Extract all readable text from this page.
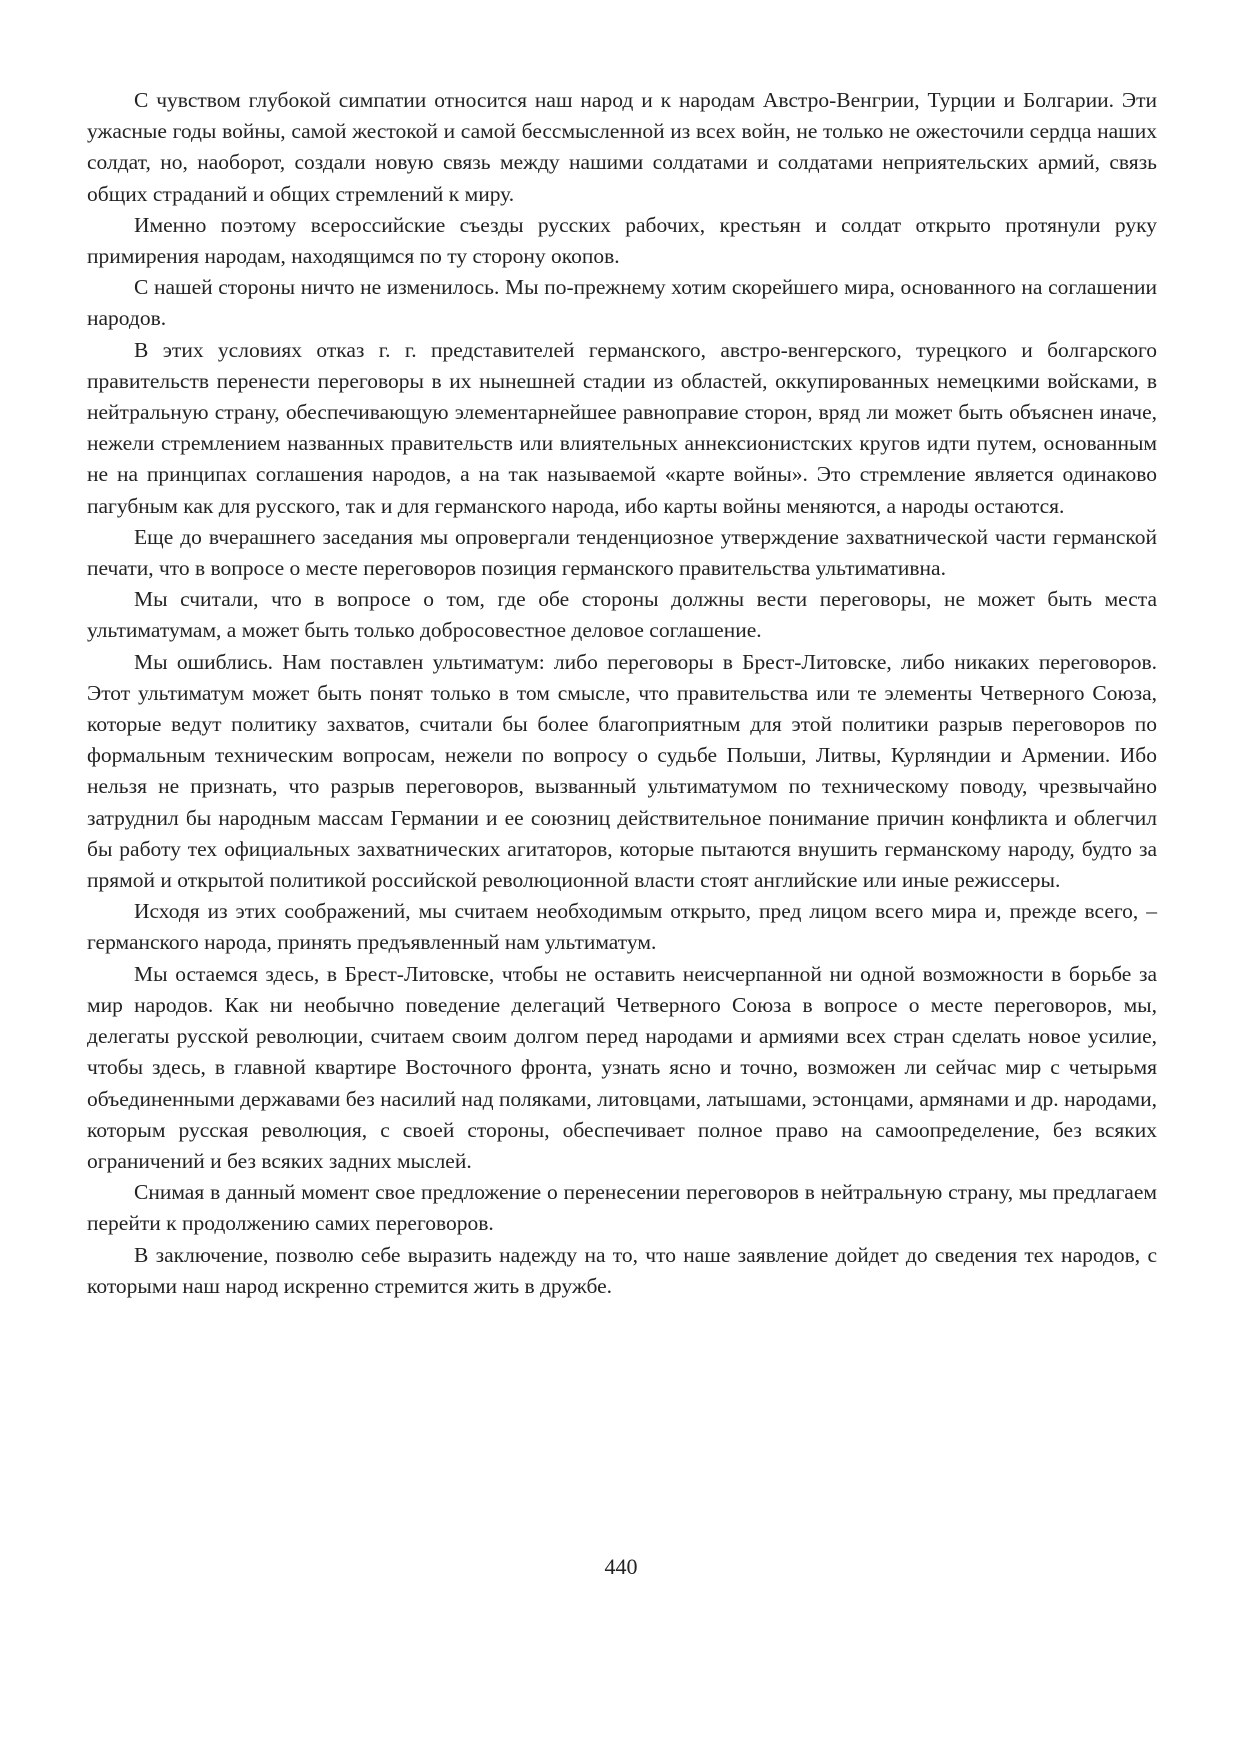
С чувством глубокой симпатии относится наш народ и к народам Австро-Венгрии, Турции и Болгарии. Эти ужасные годы войны, самой жестокой и самой бессмысленной из всех войн, не только не ожесточили сердца наших солдат, но, наоборот, создали новую связь между нашими солдатами и солдатами неприятельских армий, связь общих страданий и общих стремлений к миру.

Именно поэтому всероссийские съезды русских рабочих, крестьян и солдат открыто протянули руку примирения народам, находящимся по ту сторону окопов.

С нашей стороны ничто не изменилось. Мы по-прежнему хотим скорейшего мира, основанного на соглашении народов.

В этих условиях отказ г. г. представителей германского, австро-венгерского, турецкого и болгарского правительств перенести переговоры в их нынешней стадии из областей, оккупированных немецкими войсками, в нейтральную страну, обеспечивающую элементарнейшее равноправие сторон, вряд ли может быть объяснен иначе, нежели стремлением названных правительств или влиятельных аннексионистских кругов идти путем, основанным не на принципах соглашения народов, а на так называемой «карте войны». Это стремление является одинаково пагубным как для русского, так и для германского народа, ибо карты войны меняются, а народы остаются.

Еще до вчерашнего заседания мы опровергали тенденциозное утверждение захватнической части германской печати, что в вопросе о месте переговоров позиция германского правительства ультимативна.

Мы считали, что в вопросе о том, где обе стороны должны вести переговоры, не может быть места ультиматумам, а может быть только добросовестное деловое соглашение.

Мы ошиблись. Нам поставлен ультиматум: либо переговоры в Брест-Литовске, либо никаких переговоров. Этот ультиматум может быть понят только в том смысле, что правительства или те элементы Четверного Союза, которые ведут политику захватов, считали бы более благоприятным для этой политики разрыв переговоров по формальным техническим вопросам, нежели по вопросу о судьбе Польши, Литвы, Курляндии и Армении. Ибо нельзя не признать, что разрыв переговоров, вызванный ультиматумом по техническому поводу, чрезвычайно затруднил бы народным массам Германии и ее союзниц действительное понимание причин конфликта и облегчил бы работу тех официальных захватнических агитаторов, которые пытаются внушить германскому народу, будто за прямой и открытой политикой российской революционной власти стоят английские или иные режиссеры.

Исходя из этих соображений, мы считаем необходимым открыто, пред лицом всего мира и, прежде всего, – германского народа, принять предъявленный нам ультиматум.

Мы остаемся здесь, в Брест-Литовске, чтобы не оставить неисчерпанной ни одной возможности в борьбе за мир народов. Как ни необычно поведение делегаций Четверного Союза в вопросе о месте переговоров, мы, делегаты русской революции, считаем своим долгом перед народами и армиями всех стран сделать новое усилие, чтобы здесь, в главной квартире Восточного фронта, узнать ясно и точно, возможен ли сейчас мир с четырьмя объединенными державами без насилий над поляками, литовцами, латышами, эстонцами, армянами и др. народами, которым русская революция, с своей стороны, обеспечивает полное право на самоопределение, без всяких ограничений и без всяких задних мыслей.

Снимая в данный момент свое предложение о перенесении переговоров в нейтральную страну, мы предлагаем перейти к продолжению самих переговоров.

В заключение, позволю себе выразить надежду на то, что наше заявление дойдет до сведения тех народов, с которыми наш народ искренно стремится жить в дружбе.

440
